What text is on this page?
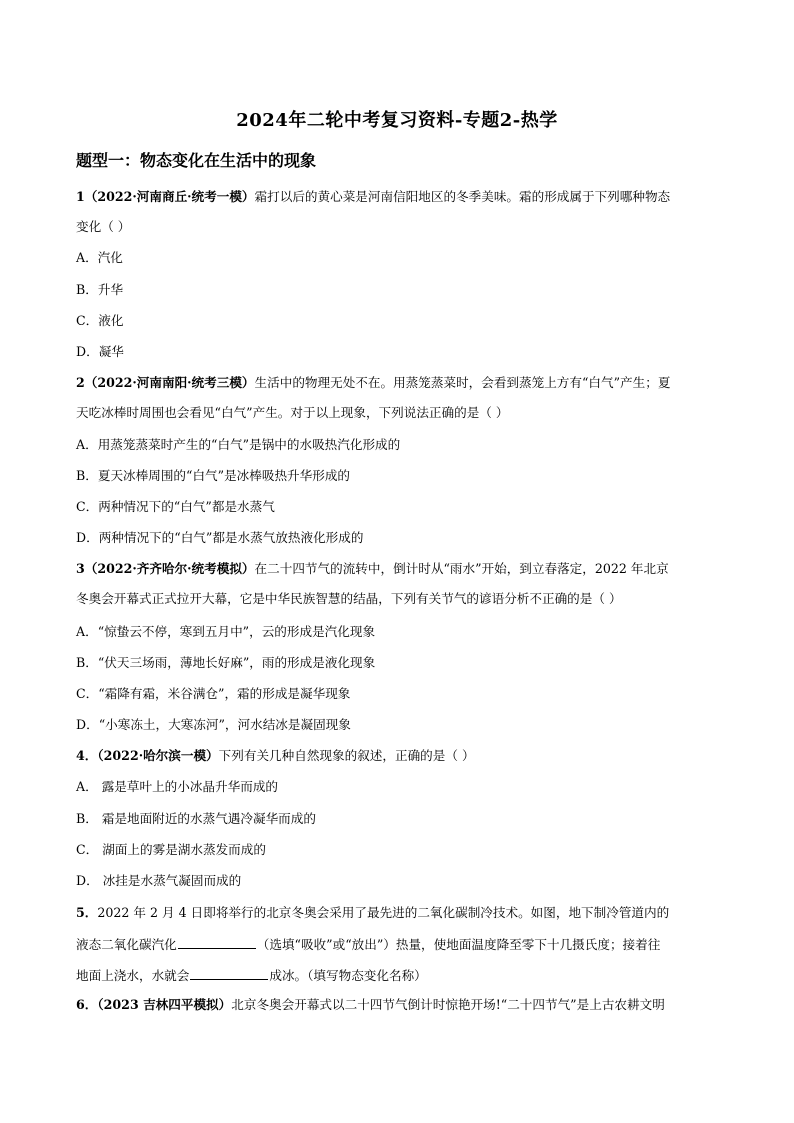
2024年二轮中考复习资料-专题2-热学
题型一：物态变化在生活中的现象
1（2022·河南商丘·统考一模）霜打以后的黄心菜是河南信阳地区的冬季美味。霜的形成属于下列哪种物态
变化（ ）
A．汽化
B．升华
C．液化
D．凝华
2（2022·河南南阳·统考三模）生活中的物理无处不在。用蒸笼蒸菜时，会看到蒸笼上方有“白气”产生；夏
天吃冰棒时周围也会看见“白气”产生。对于以上现象，下列说法正确的是（ ）
A．用蒸笼蒸菜时产生的“白气”是锅中的水吸热汽化形成的
B．夏天冰棒周围的“白气”是冰棒吸热升华形成的
C．两种情况下的“白气”都是水蒸气
D．两种情况下的“白气”都是水蒸气放热液化形成的
3（2022·齐齐哈尔·统考模拟）在二十四节气的流转中，倒计时从“雨水”开始，到立春落定，2022 年北京
冬奥会开幕式正式拉开大幕，它是中华民族智慧的结晶，下列有关节气的谚语分析不正确的是（ ）
A．“惊蛰云不停，寒到五月中”，云的形成是汽化现象
B．“伏天三场雨，薄地长好麻”，雨的形成是液化现象
C．“霜降有霜，米谷满仓”，霜的形成是凝华现象
D．“小寒冻土，大寒冻河”，河水结冰是凝固现象
4．（2022·哈尔滨一模）下列有关几种自然现象的叙述，正确的是（ ）
A． 露是草叶上的小冰晶升华而成的
B． 霜是地面附近的水蒸气遇冷凝华而成的
C． 湖面上的雾是湖水蒸发而成的
D． 冰挂是水蒸气凝固而成的
5．2022 年 2 月 4 日即将举行的北京冬奥会采用了最先进的二氧化碳制冷技术。如图，地下制冷管道内的
液态二氧化碳汽化	（选填“吸收”或“放出”）热量，使地面温度降至零下十几摄氏度；接着往
地面上浇水，水就会	成冰。（填写物态变化名称）
6．（2023 吉林四平模拟）北京冬奥会开幕式以二十四节气倒计时惊艳开场!“二十四节气”是上古农耕文明
